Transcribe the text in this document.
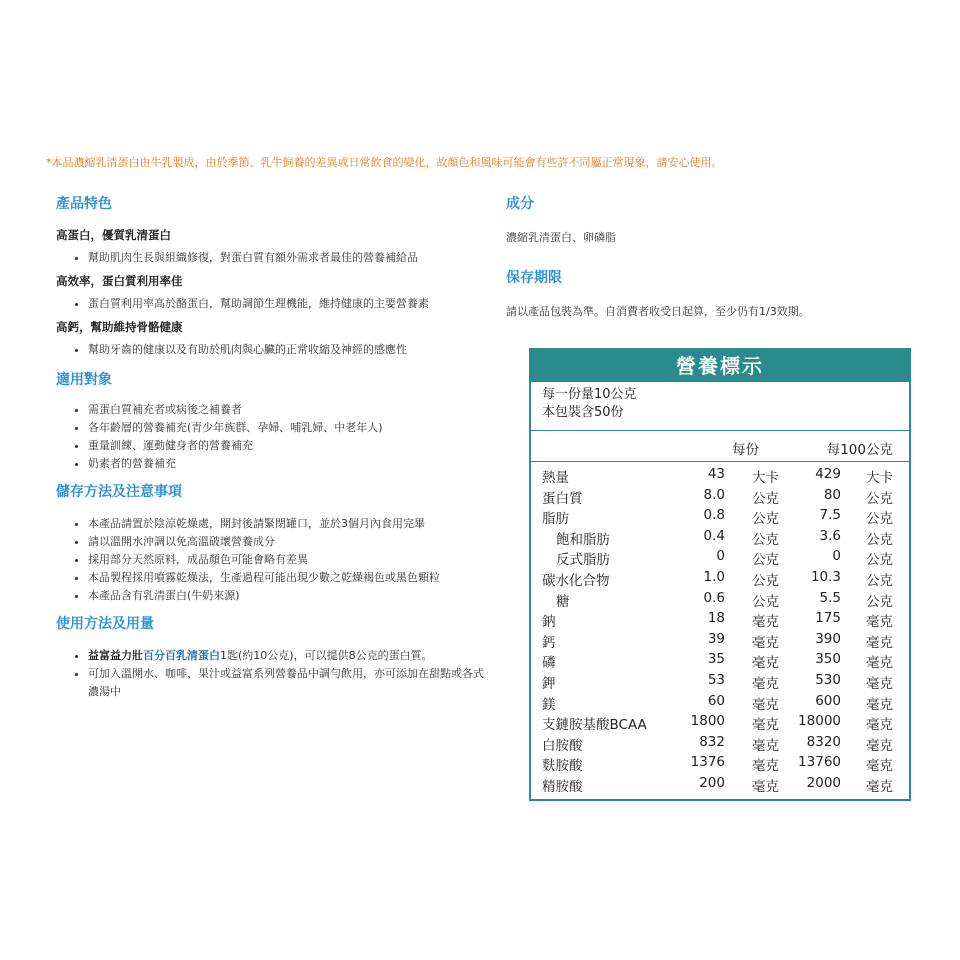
*本品濃縮乳清蛋白由牛乳製成，由於季節、乳牛飼養的差異或日常飲食的變化，故顏色和風味可能會有些許不同屬正常現象，請安心使用。
產品特色
高蛋白，優質乳清蛋白
• 幫助肌肉生長與組織修復，對蛋白質有額外需求者最佳的營養補給品
高效率，蛋白質利用率佳
• 蛋白質利用率高於酪蛋白，幫助調節生理機能，維持健康的主要營養素
高鈣，幫助維持骨骼健康
• 幫助牙齒的健康以及有助於肌肉與心臟的正常收縮及神經的感應性
適用對象
• 需蛋白質補充者或病後之補養者
• 各年齡層的營養補充(青少年族群、孕婦、哺乳婦、中老年人)
• 重量訓練、運動健身者的營養補充
• 奶素者的營養補充
儲存方法及注意事項
• 本產品請置於陰涼乾燥處，開封後請緊閉罐口，並於3個月內食用完畢
• 請以溫開水沖調以免高溫破壞營養成分
• 採用部分天然原料，成品顏色可能會略有差異
• 本品製程採用噴霧乾燥法，生產過程可能出現少數之乾燥褐色或黑色顆粒
• 本產品含有乳清蛋白(牛奶來源)
使用方法及用量
• 益富益力壯百分百乳清蛋白1匙(約10公克)，可以提供8公克的蛋白質。
• 可加入溫開水、咖啡、果汁或益富系列營養品中調勻飲用，亦可添加在甜點或各式濃湯中
成分
濃縮乳清蛋白、卵磷脂
保存期限
請以產品包裝為準。自消費者收受日起算，至少仍有1/3效期。
營養標示
每一份量10公克
本包裝含50份
每份	每100公克
熱量	43 大卡	429 大卡
蛋白質	8.0 公克	80 公克
脂肪	0.8 公克	7.5 公克
飽和脂肪	0.4 公克	3.6 公克
反式脂肪	0 公克	0 公克
碳水化合物	1.0 公克 10.3 公克
糖	0.6 公克	5.5 公克
鈉	18 毫克	175 毫克
鈣	39 毫克	390 毫克
磷	35 毫克	350 毫克
鉀	53 毫克	530 毫克
鎂	60 毫克	600 毫克
支鏈胺基酸BCAA	1800 毫克 18000 毫克
白胺酸	832 毫克 8320 毫克
麩胺酸	1376 毫克 13760 毫克
精胺酸	200 毫克 2000 毫克
